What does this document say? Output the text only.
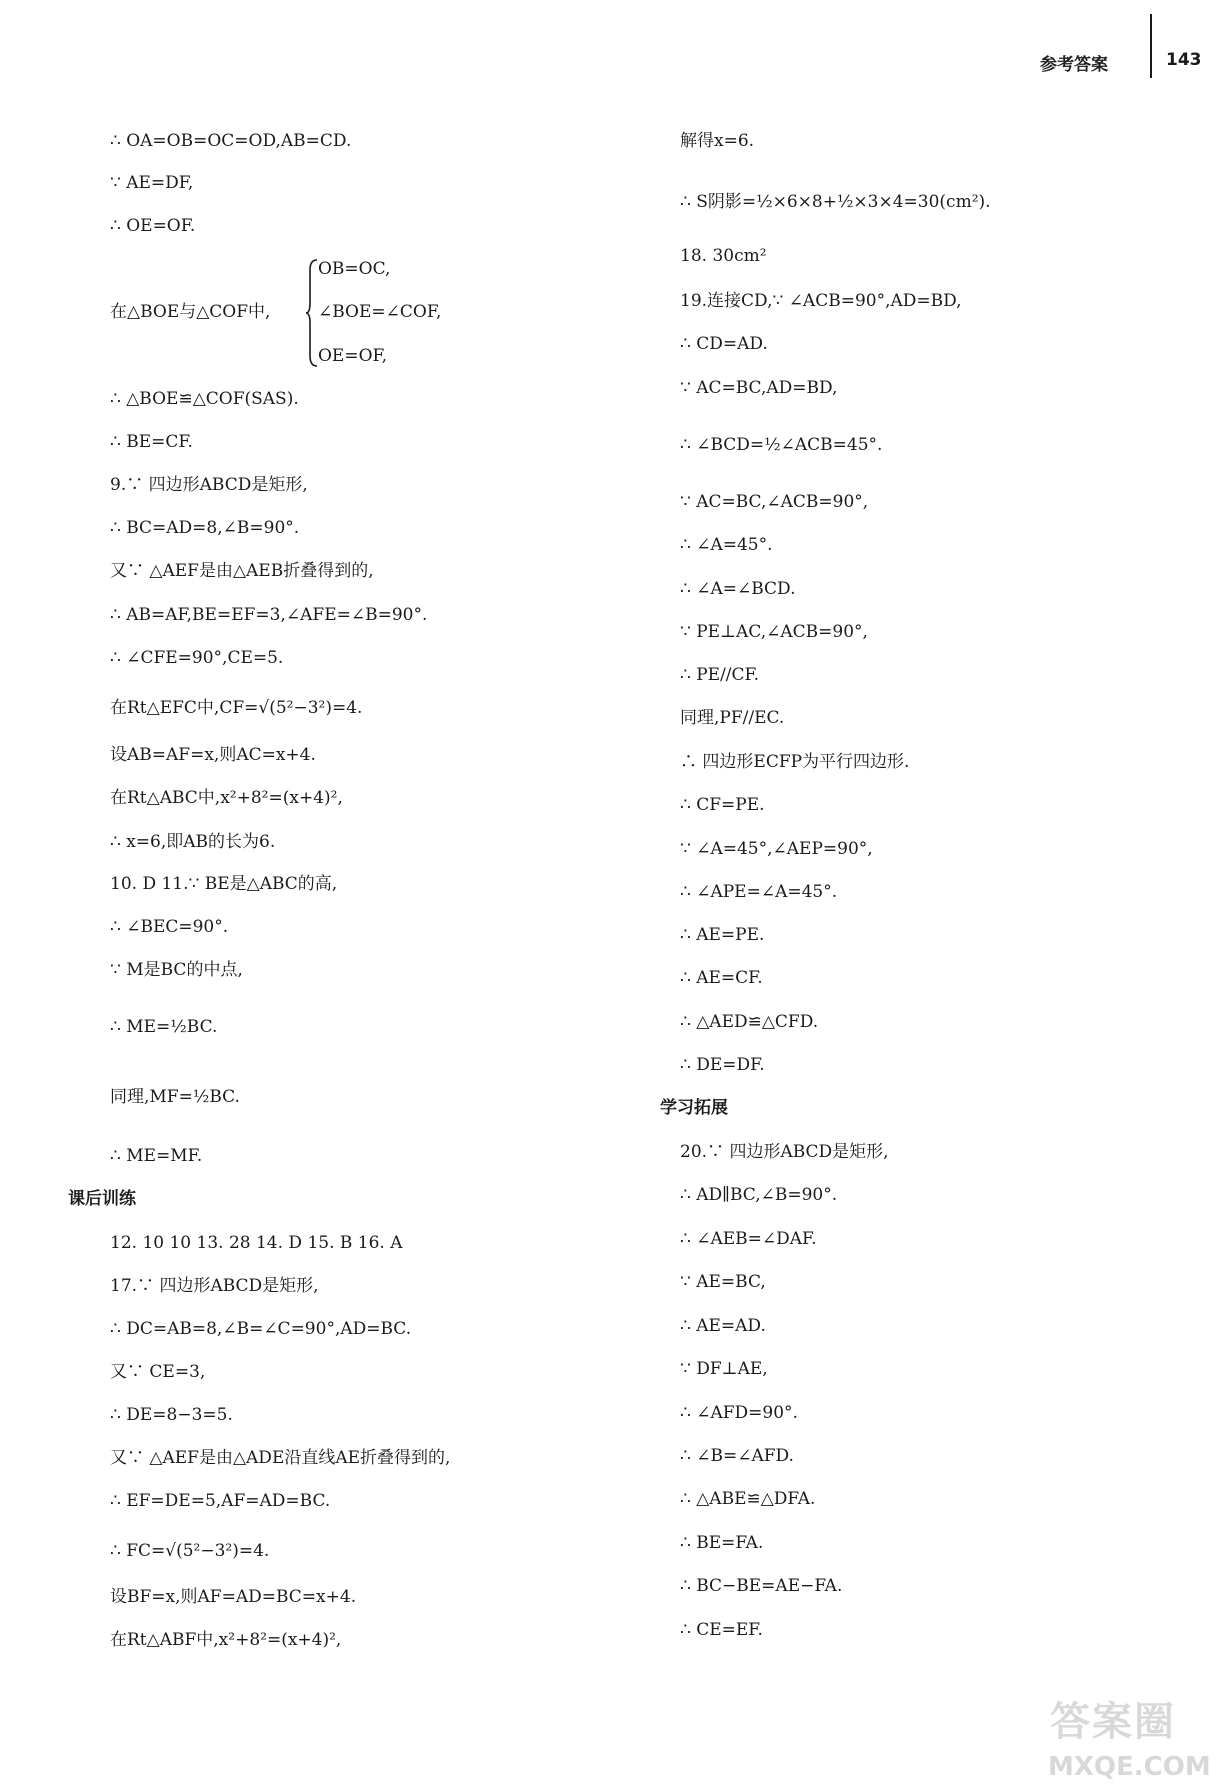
参考答案	143
∴ OA=OB=OC=OD,AB=CD.
∵ AE=DF,
∴ OE=OF.
在△BOE与△COF中,
OB=OC,
∠BOE=∠COF,
OE=OF,
∴ △BOE≌△COF(SAS).
∴ BE=CF.
9.∵ 四边形ABCD是矩形,
∴ BC=AD=8,∠B=90°.
又∵ △AEF是由△AEB折叠得到的,
∴ AB=AF,BE=EF=3,∠AFE=∠B=90°.
∴ ∠CFE=90°,CE=5.
在Rt△EFC中,CF=√(5²−3²)=4.
设AB=AF=x,则AC=x+4.
在Rt△ABC中,x²+8²=(x+4)²,
∴ x=6,即AB的长为6.
10. D 11.∵ BE是△ABC的高,
∴ ∠BEC=90°.
∵ M是BC的中点,
∴ ME=½BC.
同理,MF=½BC.
∴ ME=MF.
课后训练
12. 10 10 13. 28 14. D 15. B 16. A
17.∵ 四边形ABCD是矩形,
∴ DC=AB=8,∠B=∠C=90°,AD=BC.
又∵ CE=3,
∴ DE=8−3=5.
又∵ △AEF是由△ADE沿直线AE折叠得到的,
∴ EF=DE=5,AF=AD=BC.
∴ FC=√(5²−3²)=4.
设BF=x,则AF=AD=BC=x+4.
在Rt△ABF中,x²+8²=(x+4)²,
解得x=6.
∴ S阴影=½×6×8+½×3×4=30(cm²).
18. 30cm²
19.连接CD,∵ ∠ACB=90°,AD=BD,
∴ CD=AD.
∵ AC=BC,AD=BD,
∴ ∠BCD=½∠ACB=45°.
∵ AC=BC,∠ACB=90°,
∴ ∠A=45°.
∴ ∠A=∠BCD.
∵ PE⊥AC,∠ACB=90°,
∴ PE//CF.
同理,PF//EC.
∴ 四边形ECFP为平行四边形.
∴ CF=PE.
∵ ∠A=45°,∠AEP=90°,
∴ ∠APE=∠A=45°.
∴ AE=PE.
∴ AE=CF.
∴ △AED≌△CFD.
∴ DE=DF.
学习拓展
20.∵ 四边形ABCD是矩形,
∴ AD∥BC,∠B=90°.
∴ ∠AEB=∠DAF.
∵ AE=BC,
∴ AE=AD.
∵ DF⊥AE,
∴ ∠AFD=90°.
∴ ∠B=∠AFD.
∴ △ABE≌△DFA.
∴ BE=FA.
∴ BC−BE=AE−FA.
∴ CE=EF.
答案圈
MXQE.COM
